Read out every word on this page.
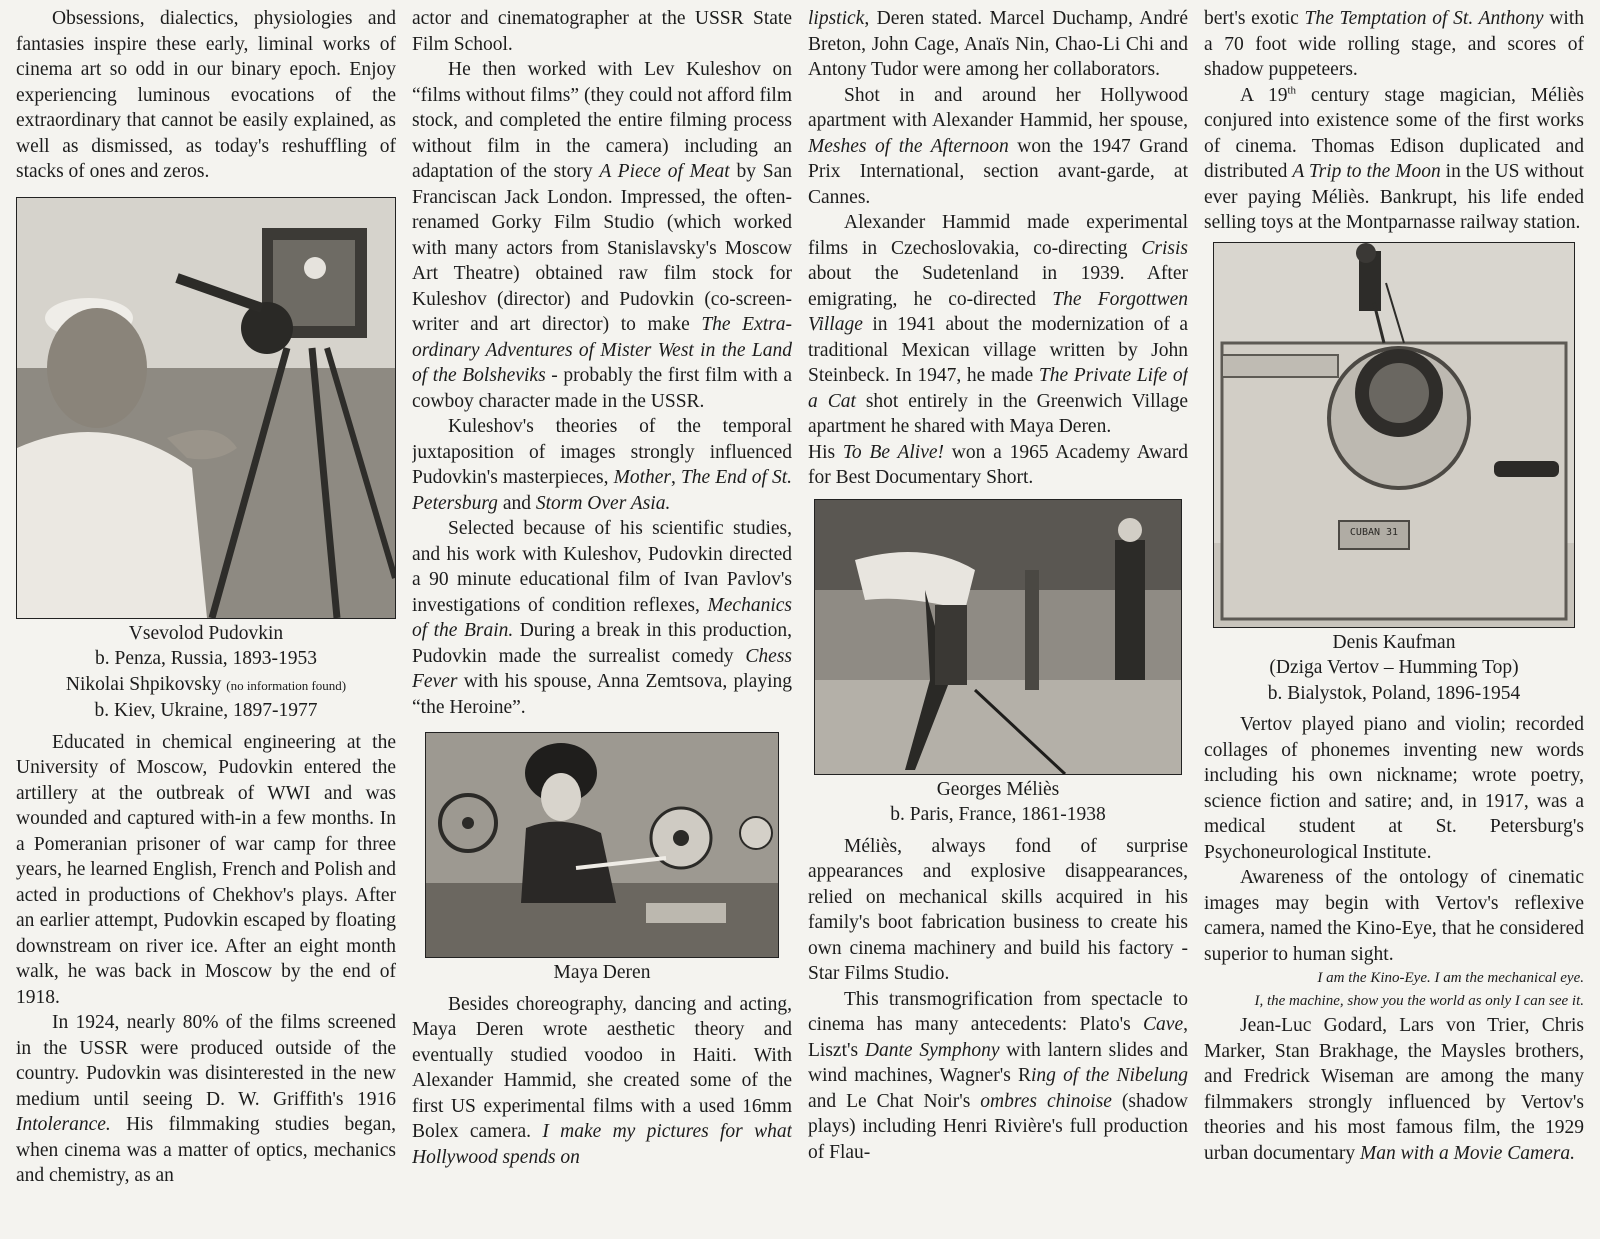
Obsessions, dialectics, physiologies and fantasies inspire these early, liminal works of cinema art so odd in our binary epoch. Enjoy experiencing luminous evocations of the extraordinary that cannot be easily explained, as well as dismissed, as today's reshuffling of stacks of ones and zeros.

Vsevolod Pudovkin
b. Penza, Russia, 1893-1953
Nikolai Shpikovsky (no information found)
b. Kiev, Ukraine, 1897-1977

Educated in chemical engineering at the University of Moscow, Pudovkin entered the artillery at the outbreak of WWI and was wounded and captured with-in a few months. In a Pomeranian prisoner of war camp for three years, he learned English, French and Polish and acted in productions of Chekhov's plays. After an earlier attempt, Pudovkin escaped by floating downstream on river ice. After an eight month walk, he was back in Moscow by the end of 1918.

In 1924, nearly 80% of the films screened in the USSR were produced outside of the country. Pudovkin was disinterested in the new medium until seeing D. W. Griffith's 1916 Intolerance. His filmmaking studies began, when cinema was a matter of optics, mechanics and chemistry, as an

actor and cinematographer at the USSR State Film School.

He then worked with Lev Kuleshov on “films without films” (they could not afford film stock, and completed the entire filming process without film in the camera) including an adaptation of the story A Piece of Meat by San Franciscan Jack London. Impressed, the often-renamed Gorky Film Studio (which worked with many actors from Stanislavsky's Moscow Art Theatre) obtained raw film stock for Kuleshov (director) and Pudovkin (co-screen-writer and art director) to make The Extra-ordinary Adventures of Mister West in the Land of the Bolsheviks - probably the first film with a cowboy character made in the USSR.

Kuleshov's theories of the temporal juxtaposition of images strongly influenced Pudovkin's masterpieces, Mother, The End of St. Petersburg and Storm Over Asia.

Selected because of his scientific studies, and his work with Kuleshov, Pudovkin directed a 90 minute educational film of Ivan Pavlov's investigations of condition reflexes, Mechanics of the Brain. During a break in this production, Pudovkin made the surrealist comedy Chess Fever with his spouse, Anna Zemtsova, playing “the Heroine”.

Maya Deren

Besides choreography, dancing and acting, Maya Deren wrote aesthetic theory and eventually studied voodoo in Haiti. With Alexander Hammid, she created some of the first US experimental films with a used 16mm Bolex camera. I make my pictures for what Hollywood spends on

lipstick, Deren stated. Marcel Duchamp, André Breton, John Cage, Anaïs Nin, Chao-Li Chi and Antony Tudor were among her collaborators.

Shot in and around her Hollywood apartment with Alexander Hammid, her spouse, Meshes of the Afternoon won the 1947 Grand Prix International, section avant-garde, at Cannes.

Alexander Hammid made experimental films in Czechoslovakia, co-directing Crisis about the Sudetenland in 1939. After emigrating, he co-directed The Forgottwen Village in 1941 about the modernization of a traditional Mexican village written by John Steinbeck. In 1947, he made The Private Life of a Cat shot entirely in the Greenwich Village apartment he shared with Maya Deren.

His To Be Alive! won a 1965 Academy Award for Best Documentary Short.

Georges Méliès
b. Paris, France, 1861-1938

Méliès, always fond of surprise appearances and explosive disappearances, relied on mechanical skills acquired in his family's boot fabrication business to create his own cinema machinery and build his factory - Star Films Studio.

This transmogrification from spectacle to cinema has many antecedents: Plato's Cave, Liszt's Dante Symphony with lantern slides and wind machines, Wagner's Ring of the Nibelung and Le Chat Noir's ombres chinoise (shadow plays) including Henri Rivière's full production of Flau-

bert's exotic The Temptation of St. Anthony with a 70 foot wide rolling stage, and scores of shadow puppeteers.

A 19th century stage magician, Méliès conjured into existence some of the first works of cinema. Thomas Edison duplicated and distributed A Trip to the Moon in the US without ever paying Méliès. Bankrupt, his life ended selling toys at the Montparnasse railway station.

CUBAN 31
Denis Kaufman
(Dziga Vertov – Humming Top)
b. Bialystok, Poland, 1896-1954

Vertov played piano and violin; recorded collages of phonemes inventing new words including his own nickname; wrote poetry, science fiction and satire; and, in 1917, was a medical student at St. Petersburg's Psychoneurological Institute.

Awareness of the ontology of cinematic images may begin with Vertov's reflexive camera, named the Kino-Eye, that he considered superior to human sight.

I am the Kino-Eye. I am the mechanical eye.
I, the machine, show you the world as only I can see it.

Jean-Luc Godard, Lars von Trier, Chris Marker, Stan Brakhage, the Maysles brothers, and Fredrick Wiseman are among the many filmmakers strongly influenced by Vertov's theories and his most famous film, the 1929 urban documentary Man with a Movie Camera.
